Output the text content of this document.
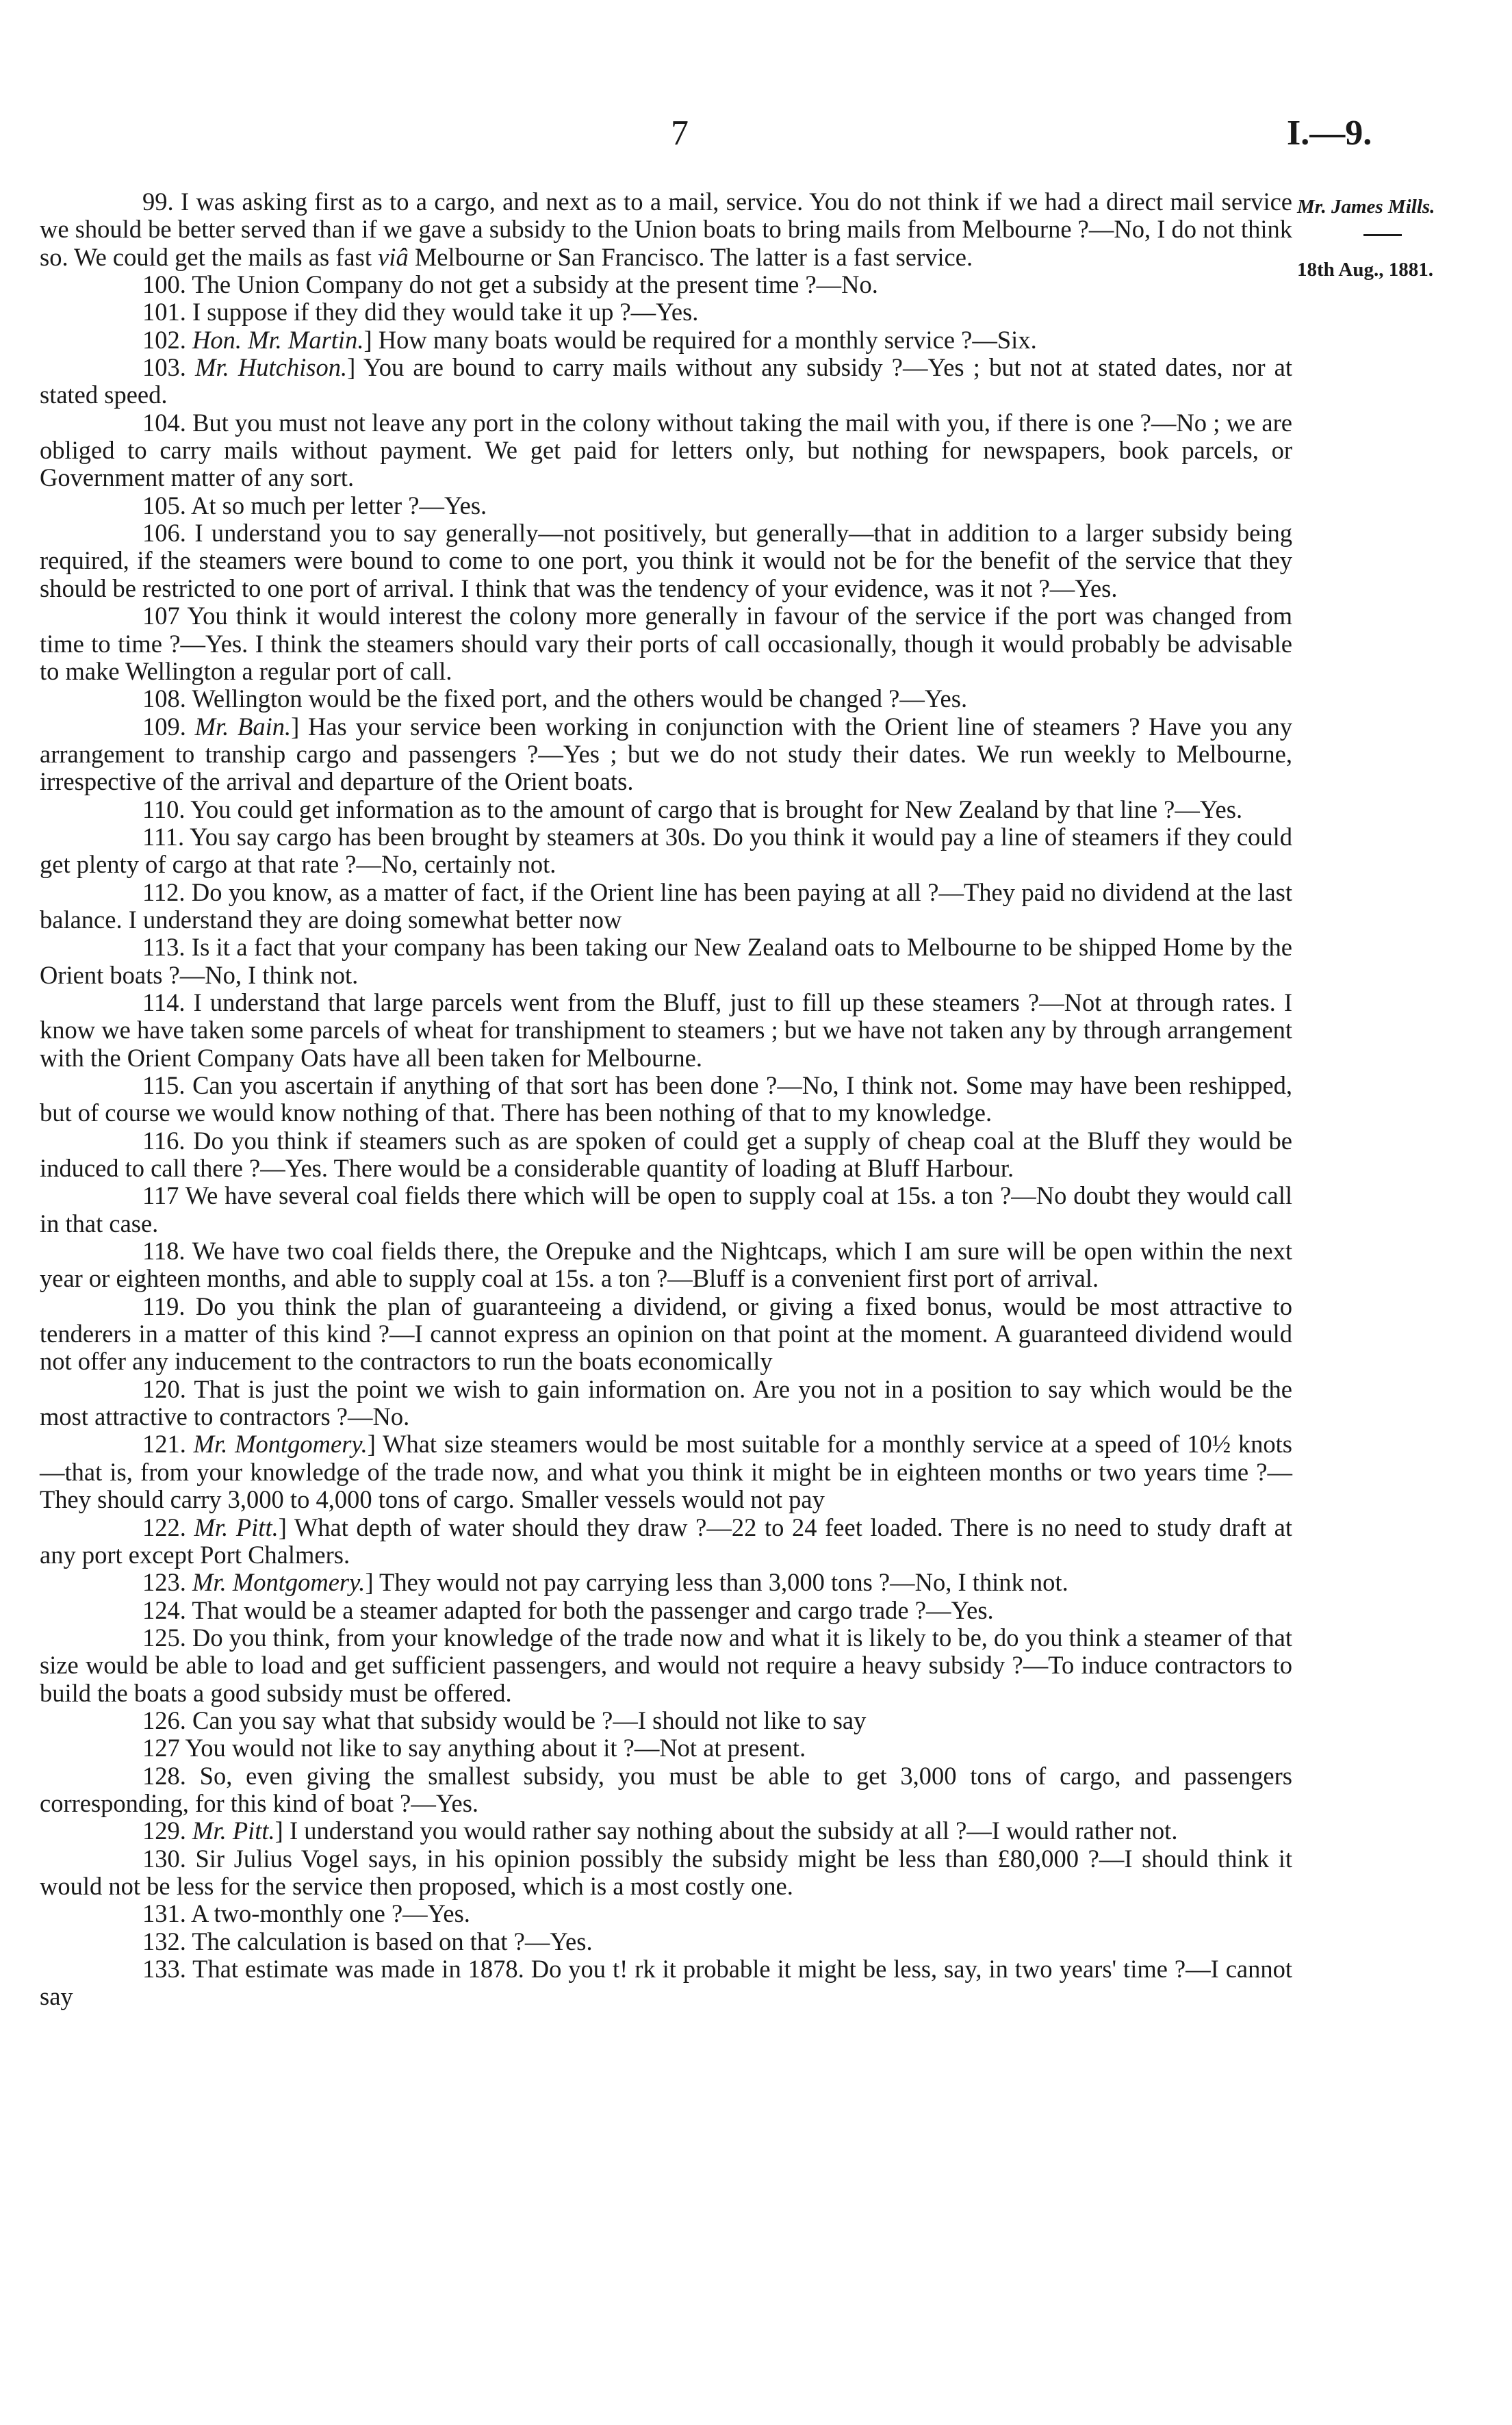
7	I.—9.
Mr. James Mills.
18th Aug., 1881.

99. I was asking first as to a cargo, and next as to a mail, service. You do not think if we had a direct mail service we should be better served than if we gave a subsidy to the Union boats to bring mails from Melbourne ?—No, I do not think so. We could get the mails as fast viâ Melbourne or San Francisco. The latter is a fast service.

100. The Union Company do not get a subsidy at the present time ?—No.

101. I suppose if they did they would take it up ?—Yes.

102. Hon. Mr. Martin.] How many boats would be required for a monthly service ?—Six.

103. Mr. Hutchison.] You are bound to carry mails without any subsidy ?—Yes ; but not at stated dates, nor at stated speed.

104. But you must not leave any port in the colony without taking the mail with you, if there is one ?—No ; we are obliged to carry mails without payment. We get paid for letters only, but nothing for newspapers, book parcels, or Government matter of any sort.

105. At so much per letter ?—Yes.

106. I understand you to say generally—not positively, but generally—that in addition to a larger subsidy being required, if the steamers were bound to come to one port, you think it would not be for the benefit of the service that they should be restricted to one port of arrival. I think that was the tendency of your evidence, was it not ?—Yes.

107 You think it would interest the colony more generally in favour of the service if the port was changed from time to time ?—Yes. I think the steamers should vary their ports of call occasionally, though it would probably be advisable to make Wellington a regular port of call.

108. Wellington would be the fixed port, and the others would be changed ?—Yes.

109. Mr. Bain.] Has your service been working in conjunction with the Orient line of steamers ? Have you any arrangement to tranship cargo and passengers ?—Yes ; but we do not study their dates. We run weekly to Melbourne, irrespective of the arrival and departure of the Orient boats.

110. You could get information as to the amount of cargo that is brought for New Zealand by that line ?—Yes.

111. You say cargo has been brought by steamers at 30s. Do you think it would pay a line of steamers if they could get plenty of cargo at that rate ?—No, certainly not.

112. Do you know, as a matter of fact, if the Orient line has been paying at all ?—They paid no dividend at the last balance. I understand they are doing somewhat better now

113. Is it a fact that your company has been taking our New Zealand oats to Melbourne to be shipped Home by the Orient boats ?—No, I think not.

114. I understand that large parcels went from the Bluff, just to fill up these steamers ?—Not at through rates. I know we have taken some parcels of wheat for transhipment to steamers ; but we have not taken any by through arrangement with the Orient Company Oats have all been taken for Melbourne.

115. Can you ascertain if anything of that sort has been done ?—No, I think not. Some may have been reshipped, but of course we would know nothing of that. There has been nothing of that to my knowledge.

116. Do you think if steamers such as are spoken of could get a supply of cheap coal at the Bluff they would be induced to call there ?—Yes. There would be a considerable quantity of loading at Bluff Harbour.

117 We have several coal fields there which will be open to supply coal at 15s. a ton ?—No doubt they would call in that case.

118. We have two coal fields there, the Orepuke and the Nightcaps, which I am sure will be open within the next year or eighteen months, and able to supply coal at 15s. a ton ?—Bluff is a convenient first port of arrival.

119. Do you think the plan of guaranteeing a dividend, or giving a fixed bonus, would be most attractive to tenderers in a matter of this kind ?—I cannot express an opinion on that point at the moment. A guaranteed dividend would not offer any inducement to the contractors to run the boats economically

120. That is just the point we wish to gain information on. Are you not in a position to say which would be the most attractive to contractors ?—No.

121. Mr. Montgomery.] What size steamers would be most suitable for a monthly service at a speed of 10½ knots—that is, from your knowledge of the trade now, and what you think it might be in eighteen months or two years time ?—They should carry 3,000 to 4,000 tons of cargo. Smaller vessels would not pay

122. Mr. Pitt.] What depth of water should they draw ?—22 to 24 feet loaded. There is no need to study draft at any port except Port Chalmers.

123. Mr. Montgomery.] They would not pay carrying less than 3,000 tons ?—No, I think not.

124. That would be a steamer adapted for both the passenger and cargo trade ?—Yes.

125. Do you think, from your knowledge of the trade now and what it is likely to be, do you think a steamer of that size would be able to load and get sufficient passengers, and would not require a heavy subsidy ?—To induce contractors to build the boats a good subsidy must be offered.

126. Can you say what that subsidy would be ?—I should not like to say

127 You would not like to say anything about it ?—Not at present.

128. So, even giving the smallest subsidy, you must be able to get 3,000 tons of cargo, and passengers corresponding, for this kind of boat ?—Yes.

129. Mr. Pitt.] I understand you would rather say nothing about the subsidy at all ?—I would rather not.

130. Sir Julius Vogel says, in his opinion possibly the subsidy might be less than £80,000 ?—I should think it would not be less for the service then proposed, which is a most costly one.

131. A two-monthly one ?—Yes.

132. The calculation is based on that ?—Yes.

133. That estimate was made in 1878. Do you t! rk it probable it might be less, say, in two years' time ?—I cannot say
